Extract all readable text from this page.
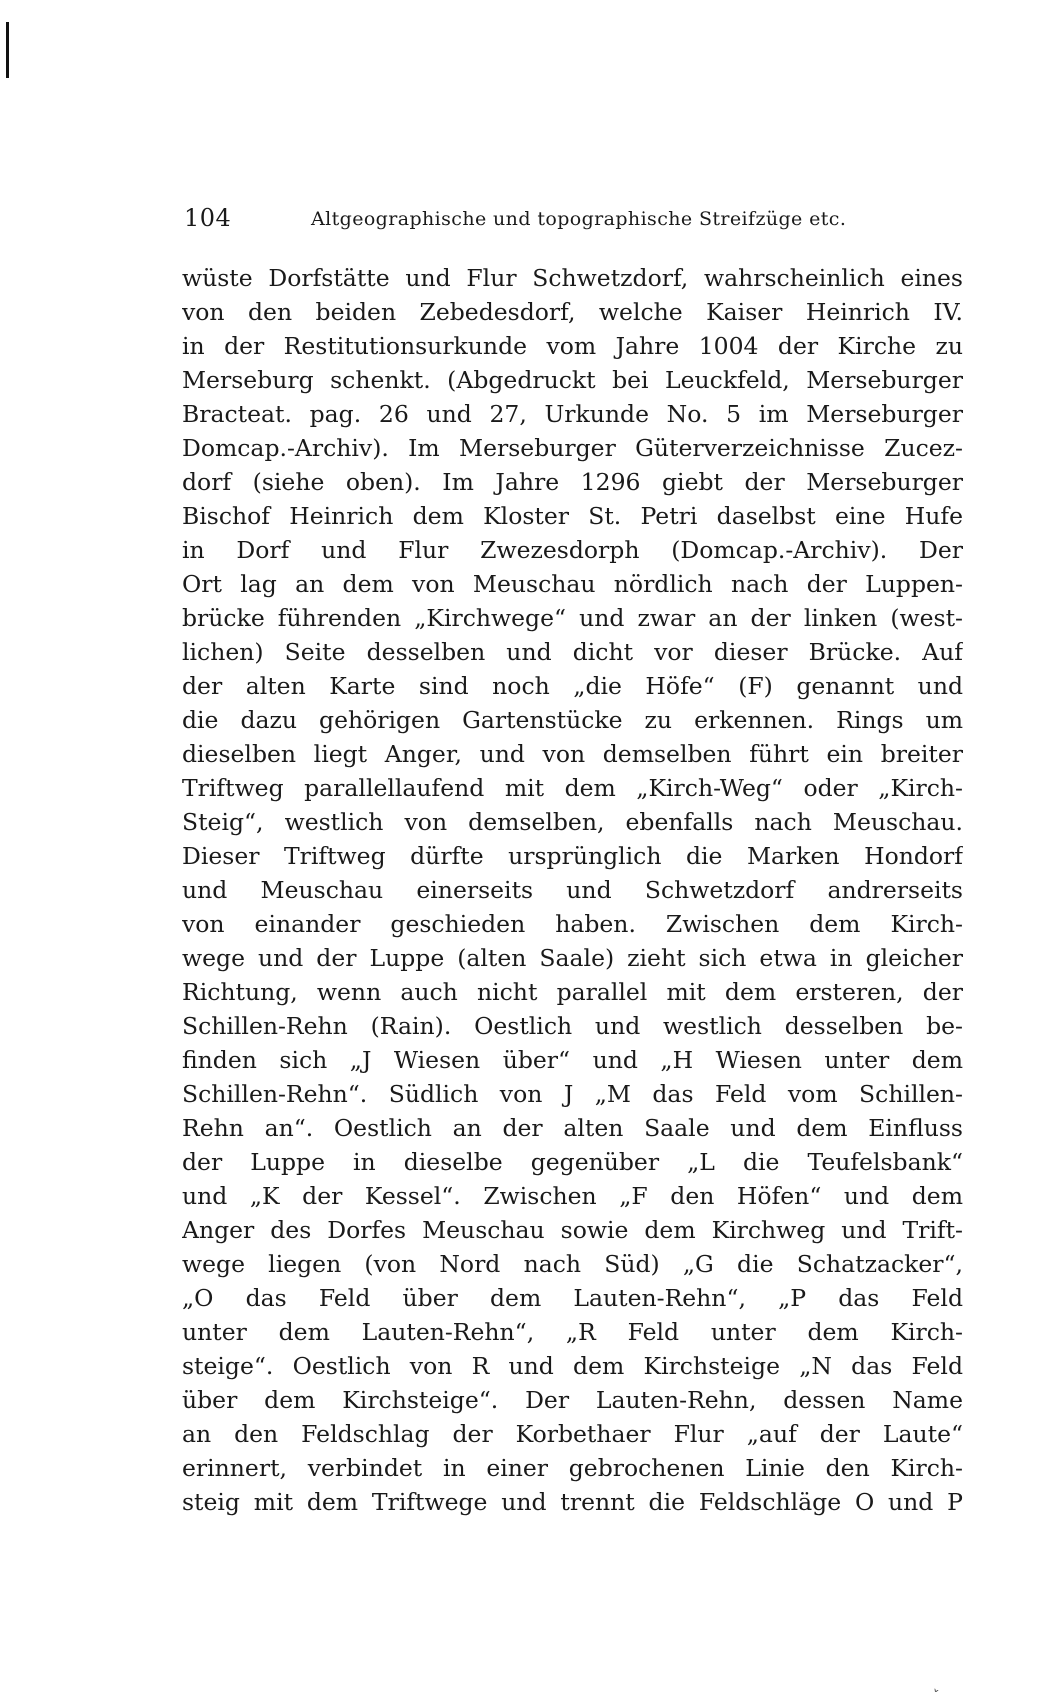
104	Altgeographische und topographische Streifzüge etc.
wüste Dorfstätte und Flur Schwetzdorf, wahrscheinlich eines
von den beiden Zebedesdorf, welche Kaiser Heinrich IV.
in der Restitutionsurkunde vom Jahre 1004 der Kirche zu
Merseburg schenkt. (Abgedruckt bei Leuckfeld, Merseburger
Bracteat. pag. 26 und 27, Urkunde No. 5 im Merseburger
Domcap.-Archiv). Im Merseburger Güterverzeichnisse Zucez-
dorf (siehe oben). Im Jahre 1296 giebt der Merseburger
Bischof Heinrich dem Kloster St. Petri daselbst eine Hufe
in Dorf und Flur Zwezesdorph (Domcap.-Archiv). Der
Ort lag an dem von Meuschau nördlich nach der Luppen-
brücke führenden „Kirchwege“ und zwar an der linken (west-
lichen) Seite desselben und dicht vor dieser Brücke. Auf
der alten Karte sind noch „die Höfe“ (F) genannt und
die dazu gehörigen Gartenstücke zu erkennen. Rings um
dieselben liegt Anger, und von demselben führt ein breiter
Triftweg parallellaufend mit dem „Kirch-Weg“ oder „Kirch-
Steig“, westlich von demselben, ebenfalls nach Meuschau.
Dieser Triftweg dürfte ursprünglich die Marken Hondorf
und Meuschau einerseits und Schwetzdorf andrerseits
von einander geschieden haben. Zwischen dem Kirch-
wege und der Luppe (alten Saale) zieht sich etwa in gleicher
Richtung, wenn auch nicht parallel mit dem ersteren, der
Schillen-Rehn (Rain). Oestlich und westlich desselben be-
finden sich „J Wiesen über“ und „H Wiesen unter dem
Schillen-Rehn“. Südlich von J „M das Feld vom Schillen-
Rehn an“. Oestlich an der alten Saale und dem Einfluss
der Luppe in dieselbe gegenüber „L die Teufelsbank“
und „K der Kessel“. Zwischen „F den Höfen“ und dem
Anger des Dorfes Meuschau sowie dem Kirchweg und Trift-
wege liegen (von Nord nach Süd) „G die Schatzacker“,
„O das Feld über dem Lauten-Rehn“, „P das Feld
unter dem Lauten-Rehn“, „R Feld unter dem Kirch-
steige“. Oestlich von R und dem Kirchsteige „N das Feld
über dem Kirchsteige“. Der Lauten-Rehn, dessen Name
an den Feldschlag der Korbethaer Flur „auf der Laute“
erinnert, verbindet in einer gebrochenen Linie den Kirch-
steig mit dem Triftwege und trennt die Feldschläge O und P
ˇ
